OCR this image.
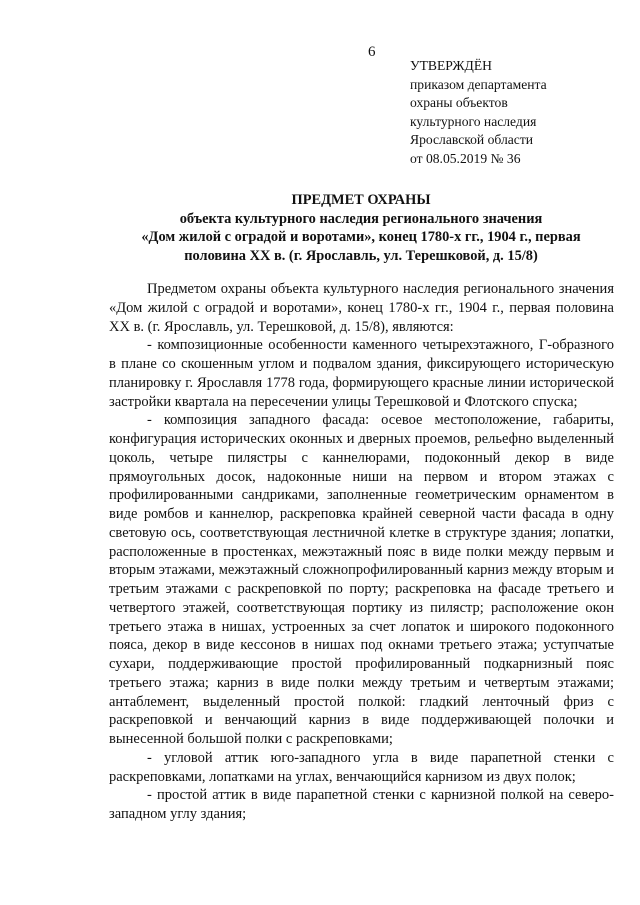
6
УТВЕРЖДЁН
приказом департамента
охраны объектов
культурного наследия
Ярославской области
от 08.05.2019 № 36
ПРЕДМЕТ ОХРАНЫ
объекта культурного наследия регионального значения
«Дом жилой с оградой и воротами», конец 1780-х гг., 1904 г., первая
половина XX в. (г. Ярославль, ул. Терешковой, д. 15/8)

Предметом охраны объекта культурного наследия регионального значения «Дом жилой с оградой и воротами», конец 1780-х гг., 1904 г., первая половина XX в. (г. Ярославль, ул. Терешковой, д. 15/8), являются:

- композиционные особенности каменного четырехэтажного, Г-образного в плане со скошенным углом и подвалом здания, фиксирующего историческую планировку г. Ярославля 1778 года, формирующего красные линии исторической застройки квартала на пересечении улицы Терешковой и Флотского спуска;

- композиция западного фасада: осевое местоположение, габариты, конфигурация исторических оконных и дверных проемов, рельефно выделенный цоколь, четыре пилястры с каннелюрами, подоконный декор в виде прямоугольных досок, надоконные ниши на первом и втором этажах с профилированными сандриками, заполненные геометрическим орнаментом в виде ромбов и каннелюр, раскреповка крайней северной части фасада в одну световую ось, соответствующая лестничной клетке в структуре здания; лопатки, расположенные в простенках, межэтажный пояс в виде полки между первым и вторым этажами, межэтажный сложнопрофилированный карниз между вторым и третьим этажами с раскреповкой по порту; раскреповка на фасаде третьего и четвертого этажей, соответствующая портику из пилястр; расположение окон третьего этажа в нишах, устроенных за счет лопаток и широкого подоконного пояса, декор в виде кессонов в нишах под окнами третьего этажа; уступчатые сухари, поддерживающие простой профилированный подкарнизный пояс третьего этажа; карниз в виде полки между третьим и четвертым этажами; антаблемент, выделенный простой полкой: гладкий ленточный фриз с раскреповкой и венчающий карниз в виде поддерживающей полочки и вынесенной большой полки с раскреповками;

- угловой аттик юго-западного угла в виде парапетной стенки с раскреповками, лопатками на углах, венчающийся карнизом из двух полок;

- простой аттик в виде парапетной стенки с карнизной полкой на северо-западном углу здания;
